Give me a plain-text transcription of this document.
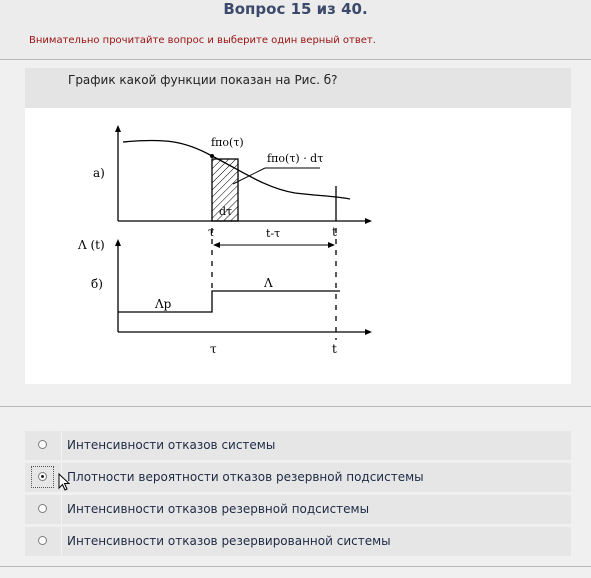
Вопрос 15 из 40.
Внимательно прочитайте вопрос и выберите один верный ответ.
График какой функции показан на Рис. б?
а)
fпо(τ)
fпо(τ) · dτ
dτ
τ	t
t-τ
Λ (t)
б)	Λ
Λр
τ	t
Интенсивности отказов системы
Плотности вероятности отказов резервной подсистемы
Интенсивности отказов резервной подсистемы
Интенсивности отказов резервированной системы
